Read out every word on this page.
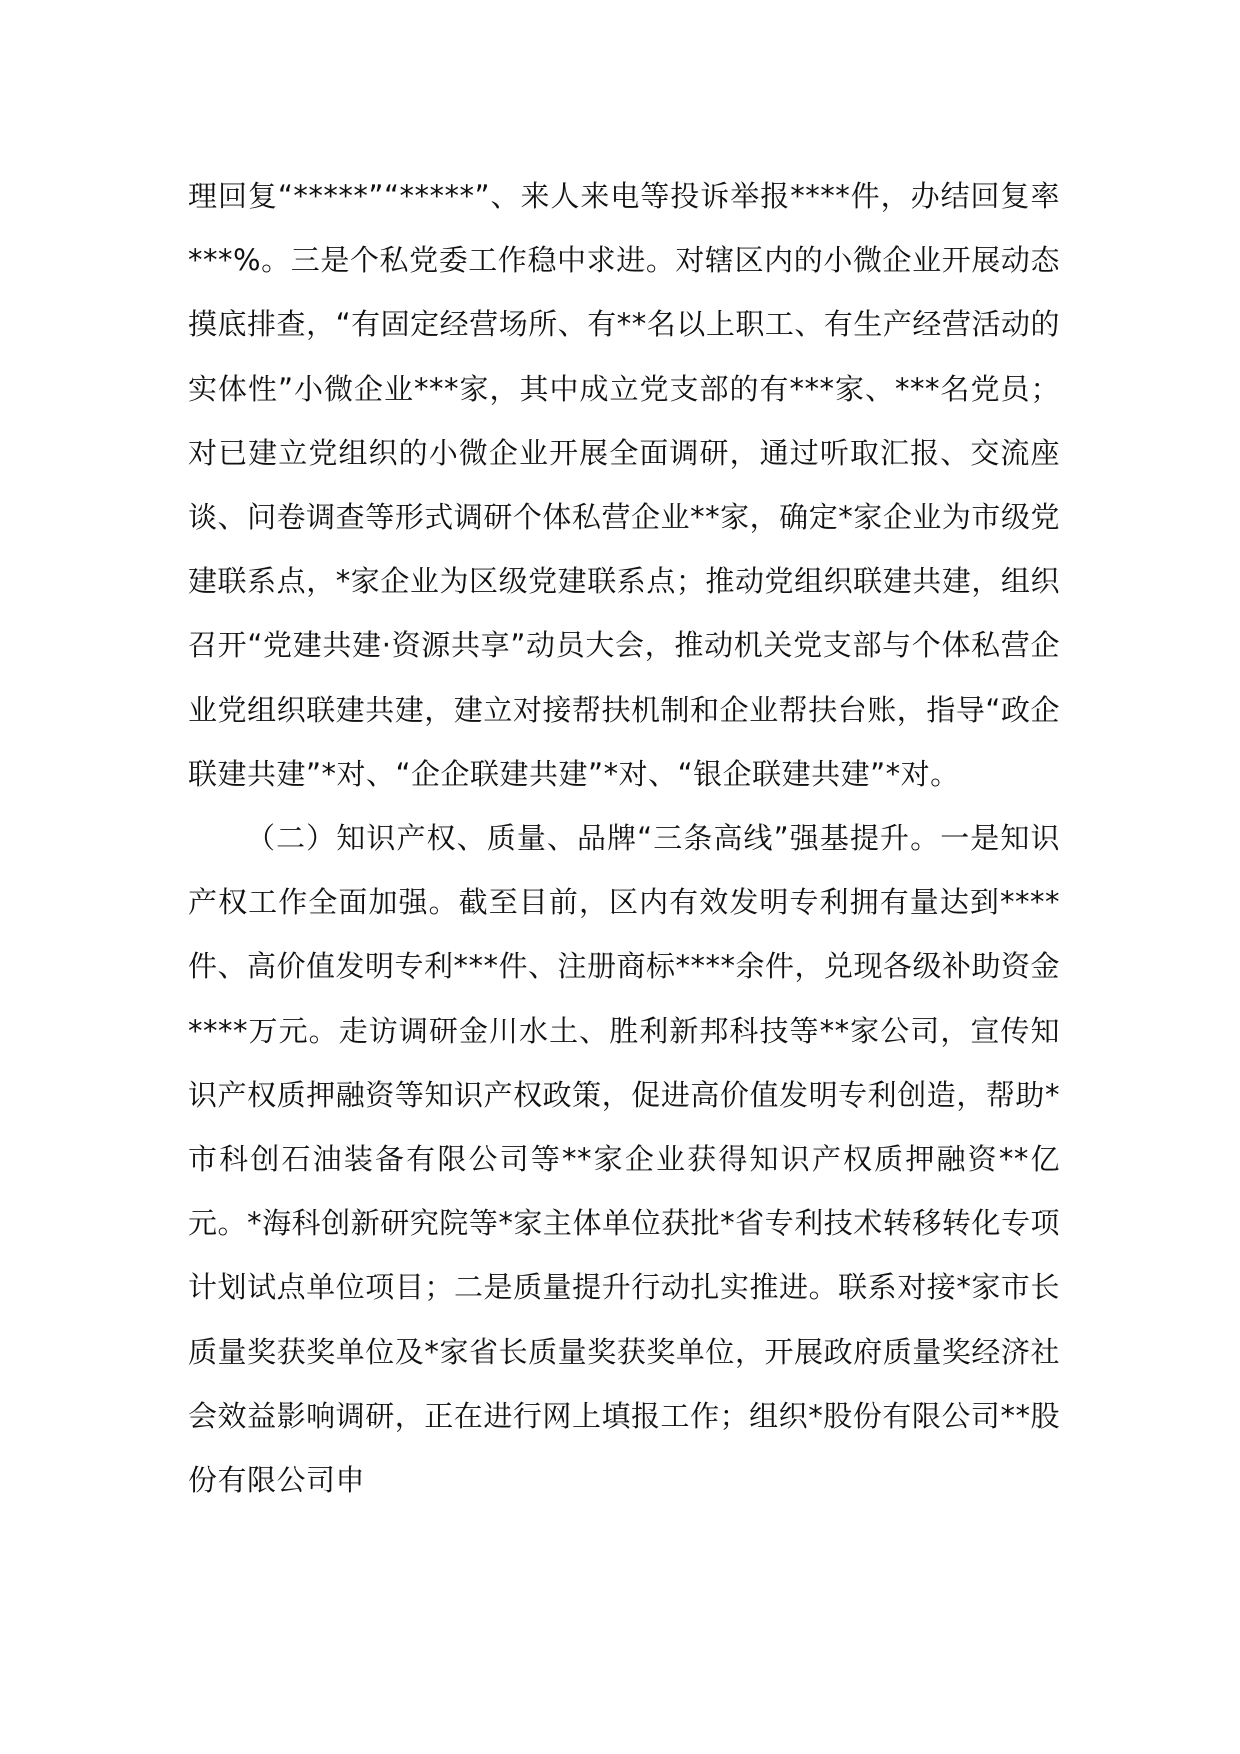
理回复“*****”“*****”、来人来电等投诉举报****件，办结回复率***%。三是个私党委工作稳中求进。对辖区内的小微企业开展动态摸底排查，“有固定经营场所、有**名以上职工、有生产经营活动的实体性”小微企业***家，其中成立党支部的有***家、***名党员；对已建立党组织的小微企业开展全面调研，通过听取汇报、交流座谈、问卷调查等形式调研个体私营企业**家，确定*家企业为市级党建联系点，*家企业为区级党建联系点；推动党组织联建共建，组织召开“党建共建·资源共享”动员大会，推动机关党支部与个体私营企业党组织联建共建，建立对接帮扶机制和企业帮扶台账，指导“政企联建共建”*对、“企企联建共建”*对、“银企联建共建”*对。

（二）知识产权、质量、品牌“三条高线”强基提升。一是知识产权工作全面加强。截至目前，区内有效发明专利拥有量达到****件、高价值发明专利***件、注册商标****余件，兑现各级补助资金****万元。走访调研金川水土、胜利新邦科技等**家公司，宣传知识产权质押融资等知识产权政策，促进高价值发明专利创造，帮助*市科创石油装备有限公司等**家企业获得知识产权质押融资**亿元。*海科创新研究院等*家主体单位获批*省专利技术转移转化专项计划试点单位项目；二是质量提升行动扎实推进。联系对接*家市长质量奖获奖单位及*家省长质量奖获奖单位，开展政府质量奖经济社会效益影响调研，正在进行网上填报工作；组织*股份有限公司**股份有限公司申
